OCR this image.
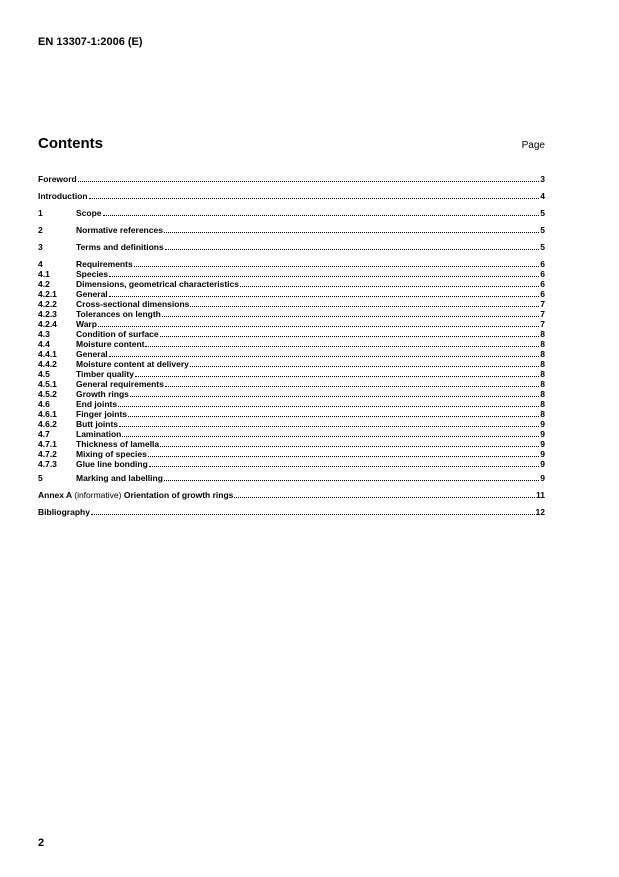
EN 13307-1:2006 (E)
Contents	Page
Foreword	3
Introduction	4
1	Scope	5
2	Normative references	5
3	Terms and definitions	5
4	Requirements	6
4.1	Species	6
4.2	Dimensions, geometrical characteristics	6
4.2.1	General	6
4.2.2	Cross-sectional dimensions	7
4.2.3	Tolerances on length	7
4.2.4	Warp	7
4.3	Condition of surface	8
4.4	Moisture content	8
4.4.1	General	8
4.4.2	Moisture content at delivery	8
4.5	Timber quality	8
4.5.1	General requirements	8
4.5.2	Growth rings	8
4.6	End joints	8
4.6.1	Finger joints	8
4.6.2	Butt joints	9
4.7	Lamination	9
4.7.1	Thickness of lamella	9
4.7.2	Mixing of species	9
4.7.3	Glue line bonding	9
5	Marking and labelling	9
Annex A (informative) Orientation of growth rings	11
Bibliography	12
2
